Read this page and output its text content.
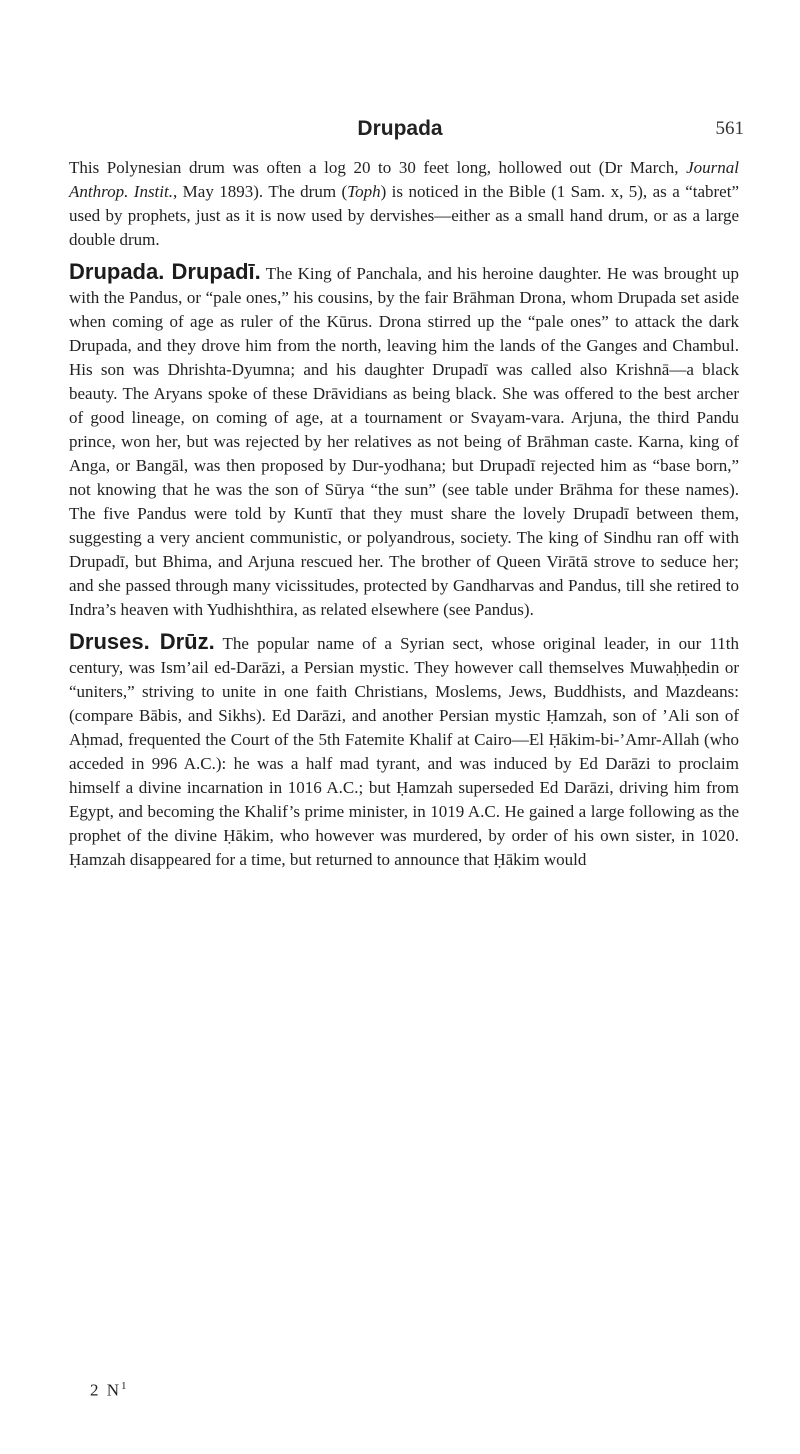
Drupada	561

This Polynesian drum was often a log 20 to 30 feet long, hollowed out (Dr March, Journal Anthrop. Instit., May 1893). The drum (Toph) is noticed in the Bible (1 Sam. x, 5), as a “tabret” used by prophets, just as it is now used by dervishes—either as a small hand drum, or as a large double drum.

Drupada. Drupadī. The King of Panchala, and his heroine daughter. He was brought up with the Pandus, or “pale ones,” his cousins, by the fair Brāhman Drona, whom Drupada set aside when coming of age as ruler of the Kūrus. Drona stirred up the “pale ones” to attack the dark Drupada, and they drove him from the north, leaving him the lands of the Ganges and Chambul. His son was Dhrishta-Dyumna; and his daughter Drupadī was called also Krishnā—a black beauty. The Aryans spoke of these Drāvidians as being black. She was offered to the best archer of good lineage, on coming of age, at a tournament or Svayam-vara. Arjuna, the third Pandu prince, won her, but was rejected by her relatives as not being of Brāhman caste. Karna, king of Anga, or Bangāl, was then proposed by Dur-yodhana; but Drupadī rejected him as “base born,” not knowing that he was the son of Sūrya “the sun” (see table under Brāhma for these names). The five Pandus were told by Kuntī that they must share the lovely Drupadī between them, suggesting a very ancient communistic, or polyandrous, society. The king of Sindhu ran off with Drupadī, but Bhima, and Arjuna rescued her. The brother of Queen Virātā strove to seduce her; and she passed through many vicissitudes, protected by Gandharvas and Pandus, till she retired to Indra’s heaven with Yudhishthira, as related elsewhere (see Pandus).

Druses. Drūz. The popular name of a Syrian sect, whose original leader, in our 11th century, was Ism’ail ed-Darāzi, a Persian mystic. They however call themselves Muwaḥḥedin or “uniters,” striving to unite in one faith Christians, Moslems, Jews, Buddhists, and Mazdeans: (compare Bābis, and Sikhs). Ed Darāzi, and another Persian mystic Ḥamzah, son of ’Ali son of Aḥmad, frequented the Court of the 5th Fatemite Khalif at Cairo—El Ḥākim-bi-’Amr-Allah (who acceded in 996 A.C.): he was a half mad tyrant, and was induced by Ed Darāzi to proclaim himself a divine incarnation in 1016 A.C.; but Ḥamzah superseded Ed Darāzi, driving him from Egypt, and becoming the Khalif’s prime minister, in 1019 A.C. He gained a large following as the prophet of the divine Ḥākim, who however was murdered, by order of his own sister, in 1020. Ḥamzah disappeared for a time, but returned to announce that Ḥākim would

2 $N^1$
